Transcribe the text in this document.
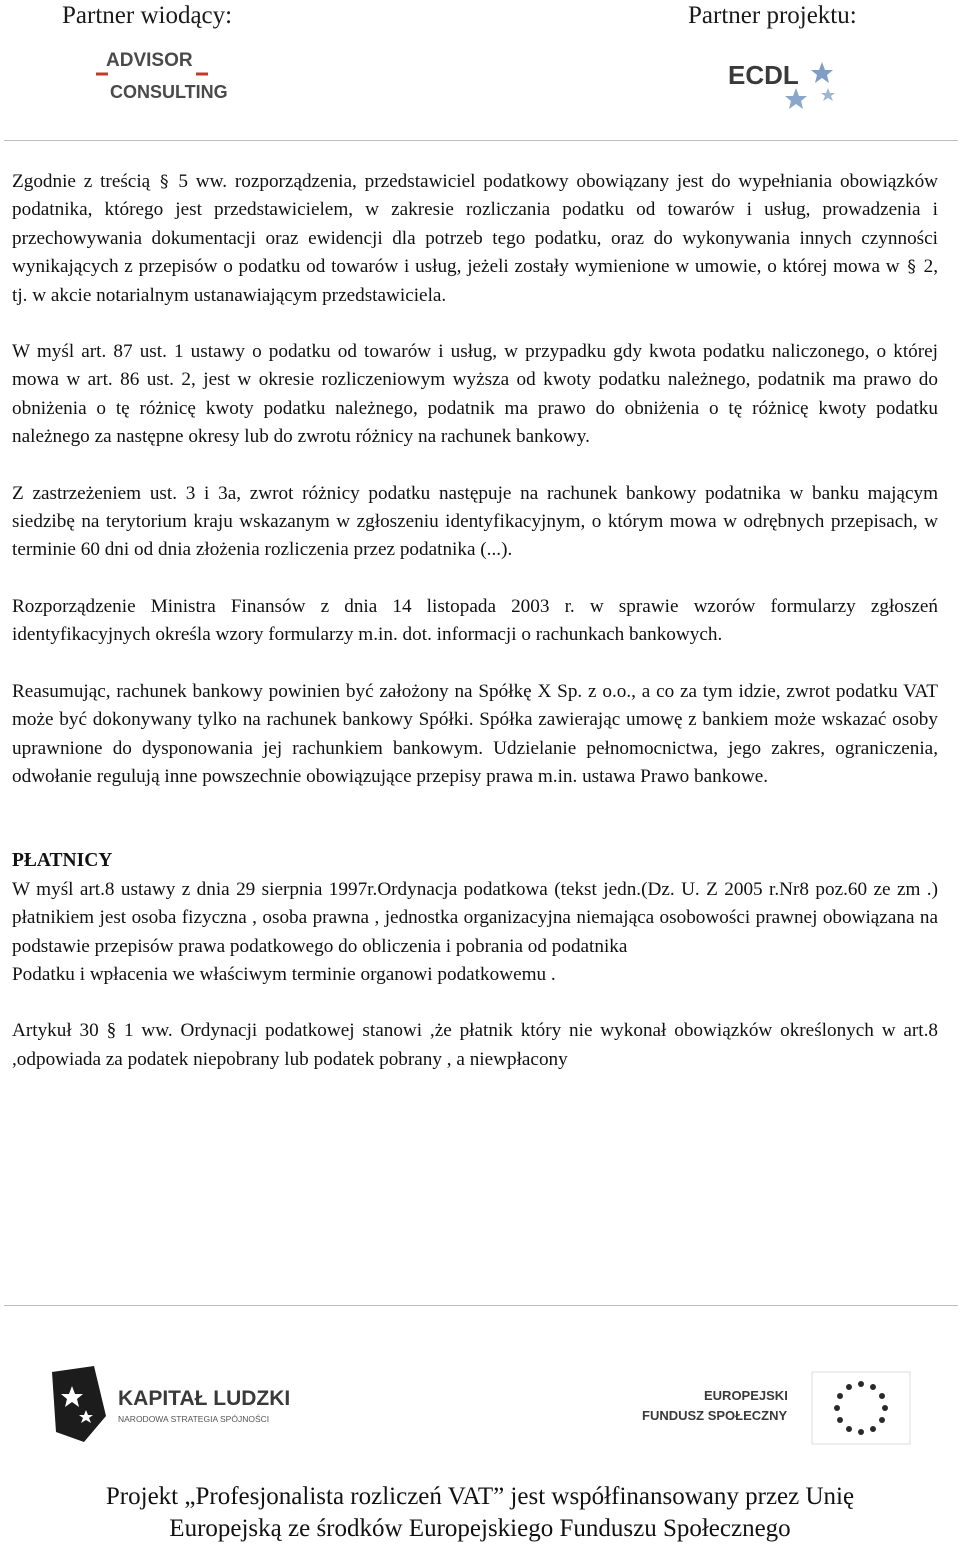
Partner wiodący:	Partner projektu:
ADVISOR
CONSULTING
ECDL

Zgodnie z treścią § 5 ww. rozporządzenia, przedstawiciel podatkowy obowiązany jest do wypełniania obowiązków podatnika, którego jest przedstawicielem, w zakresie rozliczania podatku od towarów i usług, prowadzenia i przechowywania dokumentacji oraz ewidencji dla potrzeb tego podatku, oraz do wykonywania innych czynności wynikających z przepisów o podatku od towarów i usług, jeżeli zostały wymienione w umowie, o której mowa w § 2, tj. w akcie notarialnym ustanawiającym przedstawiciela.

W myśl art. 87 ust. 1 ustawy o podatku od towarów i usług, w przypadku gdy kwota podatku naliczonego, o której mowa w art. 86 ust. 2, jest w okresie rozliczeniowym wyższa od kwoty podatku należnego, podatnik ma prawo do obniżenia o tę różnicę kwoty podatku należnego, podatnik ma prawo do obniżenia o tę różnicę kwoty podatku należnego za następne okresy lub do zwrotu różnicy na rachunek bankowy.

Z zastrzeżeniem ust. 3 i 3a, zwrot różnicy podatku następuje na rachunek bankowy podatnika w banku mającym siedzibę na terytorium kraju wskazanym w zgłoszeniu identyfikacyjnym, o którym mowa w odrębnych przepisach, w terminie 60 dni od dnia złożenia rozliczenia przez podatnika (...).

Rozporządzenie Ministra Finansów z dnia 14 listopada 2003 r. w sprawie wzorów formularzy zgłoszeń identyfikacyjnych określa wzory formularzy m.in. dot. informacji o rachunkach bankowych.

Reasumując, rachunek bankowy powinien być założony na Spółkę X Sp. z o.o., a co za tym idzie, zwrot podatku VAT może być dokonywany tylko na rachunek bankowy Spółki. Spółka zawierając umowę z bankiem może wskazać osoby uprawnione do dysponowania jej rachunkiem bankowym. Udzielanie pełnomocnictwa, jego zakres, ograniczenia, odwołanie regulują inne powszechnie obowiązujące przepisy prawa m.in. ustawa Prawo bankowe.

PŁATNICY

W myśl art.8 ustawy z dnia 29 sierpnia 1997r.Ordynacja podatkowa (tekst jedn.(Dz. U. Z 2005 r.Nr8 poz.60 ze zm .) płatnikiem jest osoba fizyczna , osoba prawna , jednostka organizacyjna niemająca osobowości prawnej obowiązana na podstawie przepisów prawa podatkowego do obliczenia i pobrania od podatnika

Podatku i wpłacenia we właściwym terminie organowi podatkowemu .

Artykuł 30 § 1 ww. Ordynacji podatkowej stanowi ,że płatnik który nie wykonał obowiązków określonych w art.8 ,odpowiada za podatek niepobrany lub podatek pobrany , a niewpłacony

KAPITAŁ LUDZKI
NARODOWA STRATEGIA SPÓJNOŚCI
EUROPEJSKI
FUNDUSZ SPOŁECZNY
Projekt „Profesjonalista rozliczeń VAT” jest współfinansowany przez Unię
Europejską ze środków Europejskiego Funduszu Społecznego
